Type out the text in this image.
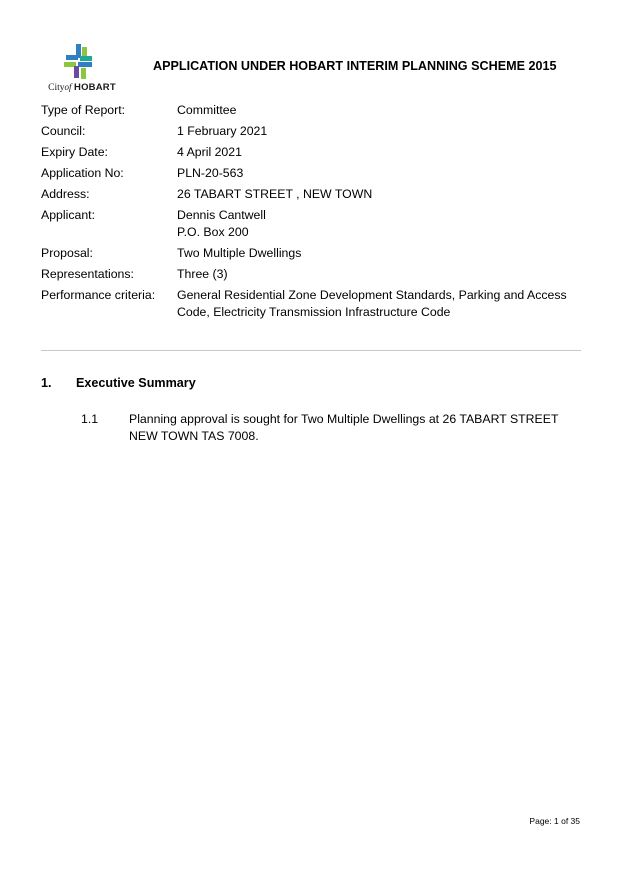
Cityof HOBART
APPLICATION UNDER HOBART INTERIM PLANNING SCHEME 2015
Type of Report:	Committee
Council:	1 February 2021
Expiry Date:	4 April 2021
Application No:	PLN-20-563
Address:	26 TABART STREET , NEW TOWN
Applicant:	Dennis Cantwell
P.O. Box 200
Proposal:	Two Multiple Dwellings
Representations:	Three (3)
Performance criteria:	General Residential Zone Development Standards, Parking and Access
Code, Electricity Transmission Infrastructure Code
1. Executive Summary
1.1	Planning approval is sought for Two Multiple Dwellings at 26 TABART STREET
NEW TOWN TAS 7008.
Page: 1 of 35
